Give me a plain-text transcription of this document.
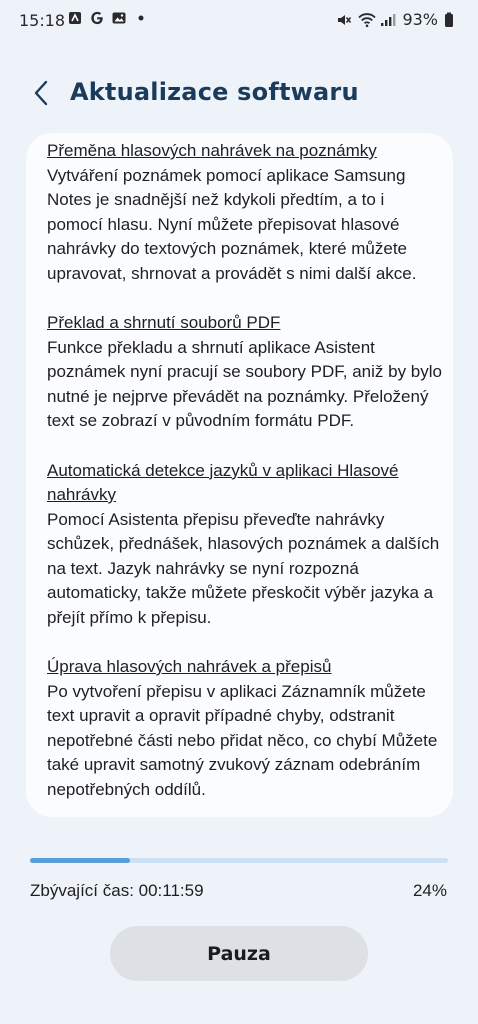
15:18	93%
Aktualizace softwaru
Přeměna hlasových nahrávek na poznámky
Vytváření poznámek pomocí aplikace Samsung Notes je snadnější než kdykoli předtím, a to i pomocí hlasu. Nyní můžete přepisovat hlasové nahrávky do textových poznámek, které můžete upravovat, shrnovat a provádět s nimi další akce.
Překlad a shrnutí souborů PDF
Funkce překladu a shrnutí aplikace Asistent poznámek nyní pracují se soubory PDF, aniž by bylo nutné je nejprve převádět na poznámky. Přeložený text se zobrazí v původním formátu PDF.
Automatická detekce jazyků v aplikaci Hlasové nahrávky
Pomocí Asistenta přepisu převeďte nahrávky schůzek, přednášek, hlasových poznámek a dalších na text. Jazyk nahrávky se nyní rozpozná automaticky, takže můžete přeskočit výběr jazyka a přejít přímo k přepisu.
Úprava hlasových nahrávek a přepisů
Po vytvoření přepisu v aplikaci Záznamník můžete text upravit a opravit případné chyby, odstranit nepotřebné části nebo přidat něco, co chybí Můžete také upravit samotný zvukový záznam odebráním nepotřebných oddílů.
Zbývající čas: 00:11:59	24%
Pauza
